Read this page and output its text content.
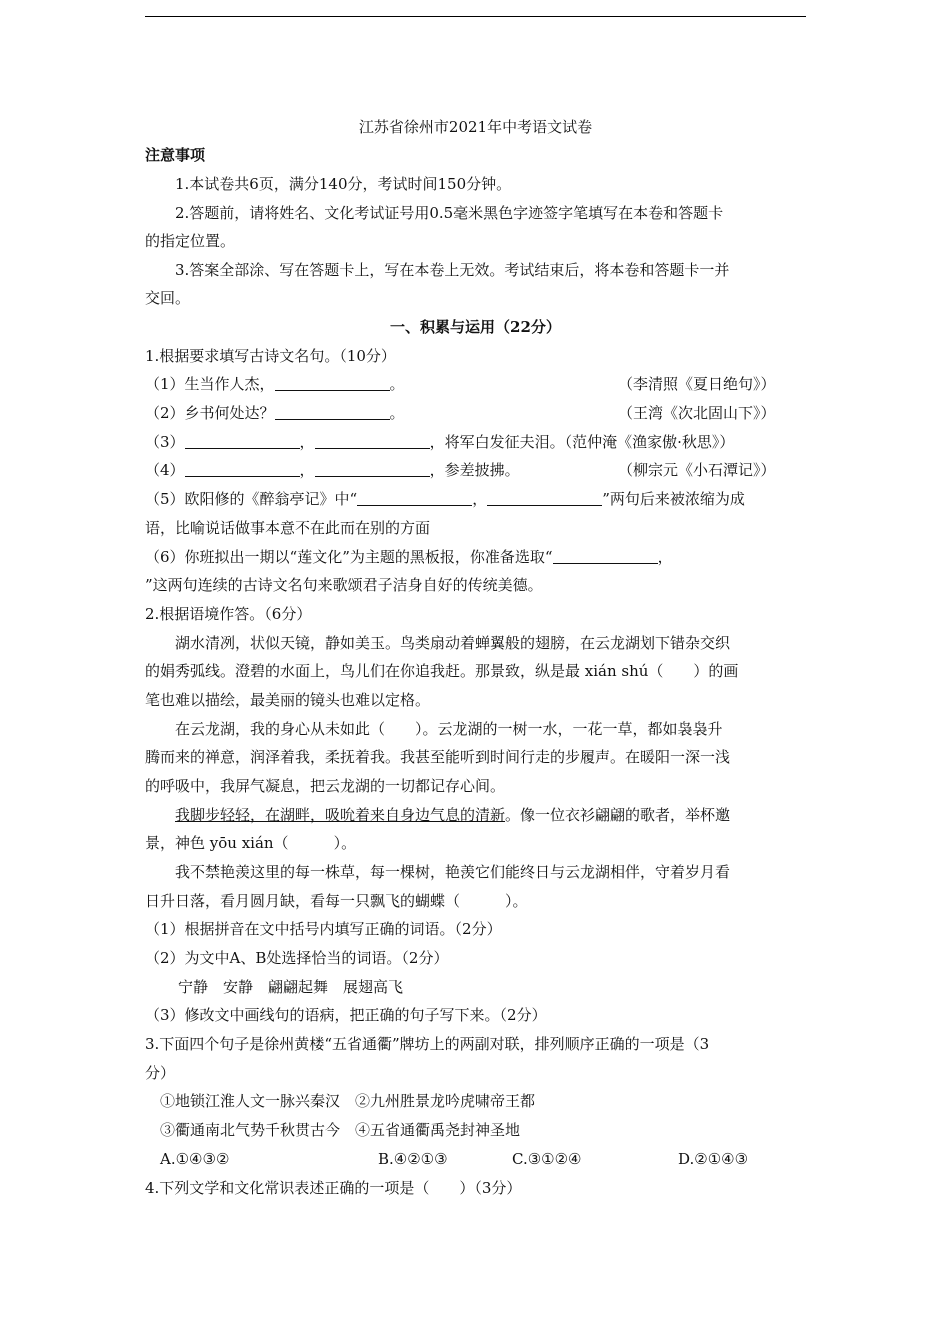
江苏省徐州市2021年中考语文试卷
注意事项
1.本试卷共6页，满分140分，考试时间150分钟。
2.答题前，请将姓名、文化考试证号用0.5毫米黑色字迹签字笔填写在本卷和答题卡
的指定位置。
3.答案全部涂、写在答题卡上，写在本卷上无效。考试结束后，将本卷和答题卡一并
交回。
一、积累与运用（22分）
1.根据要求填写古诗文名句。（10分）
（1）生当作人杰，	。	（李清照《夏日绝句》）
（2）乡书何处达？	。	（王湾《次北固山下》）
（3）	，	，将军白发征夫泪。（范仲淹《渔家傲·秋思》）
（4）	，	，参差披拂。	（柳宗元《小石潭记》）
（5）欧阳修的《醉翁亭记》中“	，	”两句后来被浓缩为成
语，比喻说话做事本意不在此而在别的方面
（6）你班拟出一期以“莲文化”为主题的黑板报，你准备选取“	，
”这两句连续的古诗文名句来歌颂君子洁身自好的传统美德。
2.根据语境作答。（6分）
湖水清冽，状似天镜，静如美玉。鸟类扇动着蝉翼般的翅膀，在云龙湖划下错杂交织
的娟秀弧线。澄碧的水面上，鸟儿们在你追我赶。那景致，纵是最 xián shú（　　）的画
笔也难以描绘，最美丽的镜头也难以定格。
在云龙湖，我的身心从未如此（　　）。云龙湖的一树一水，一花一草，都如袅袅升
腾而来的禅意，润泽着我，柔抚着我。我甚至能听到时间行走的步履声。在暖阳一深一浅
的呼吸中，我屏气凝息，把云龙湖的一切都记存心间。
我脚步轻轻，在湖畔，吸吮着来自身边气息的清新。像一位衣衫翩翩的歌者，举杯邀
景，神色 yōu xián（　　　）。
我不禁艳羡这里的每一株草，每一棵树，艳羡它们能终日与云龙湖相伴，守着岁月看
日升日落，看月圆月缺，看每一只飘飞的蝴蝶（　　　）。
（1）根据拼音在文中括号内填写正确的词语。（2分）
（2）为文中A、B处选择恰当的词语。（2分）
宁静　安静　翩翩起舞　展翅高飞
（3）修改文中画线句的语病，把正确的句子写下来。（2分）
3.下面四个句子是徐州黄楼“五省通衢”牌坊上的两副对联，排列顺序正确的一项是（3
分）
①地锁江淮人文一脉兴秦汉　②九州胜景龙吟虎啸帝王都
③衢通南北气势千秋贯古今　④五省通衢禹尧封神圣地
A.①④③②	B.④②①③	C.③①②④	D.②①④③
4.下列文学和文化常识表述正确的一项是（　　）（3分）
